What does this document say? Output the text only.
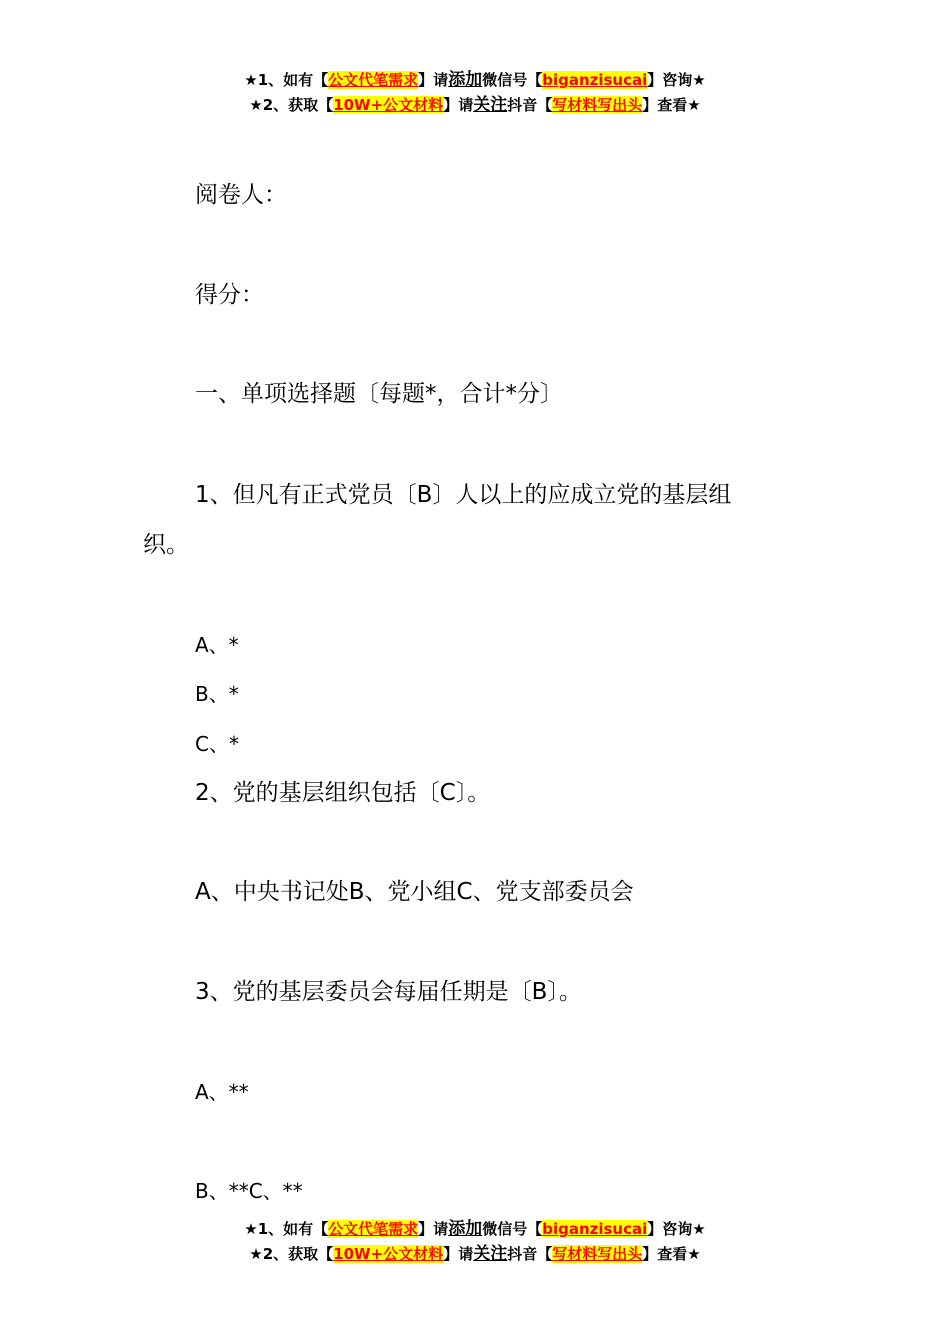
★1、如有【公文代笔需求】请添加微信号【biganzisucai】咨询★
★2、获取【10W+公文材料】请关注抖音【写材料写出头】查看★
阅卷人：
得分：
一、单项选择题〔每题*，合计*分〕
1、但凡有正式党员〔B〕人以上的应成立党的基层组
织。
A、*
B、*
C、*
2、党的基层组织包括〔C〕。
A、中央书记处B、党小组C、党支部委员会
3、党的基层委员会每届任期是〔B〕。
A、**
B、**C、**
★1、如有【公文代笔需求】请添加微信号【biganzisucai】咨询★
★2、获取【10W+公文材料】请关注抖音【写材料写出头】查看★
